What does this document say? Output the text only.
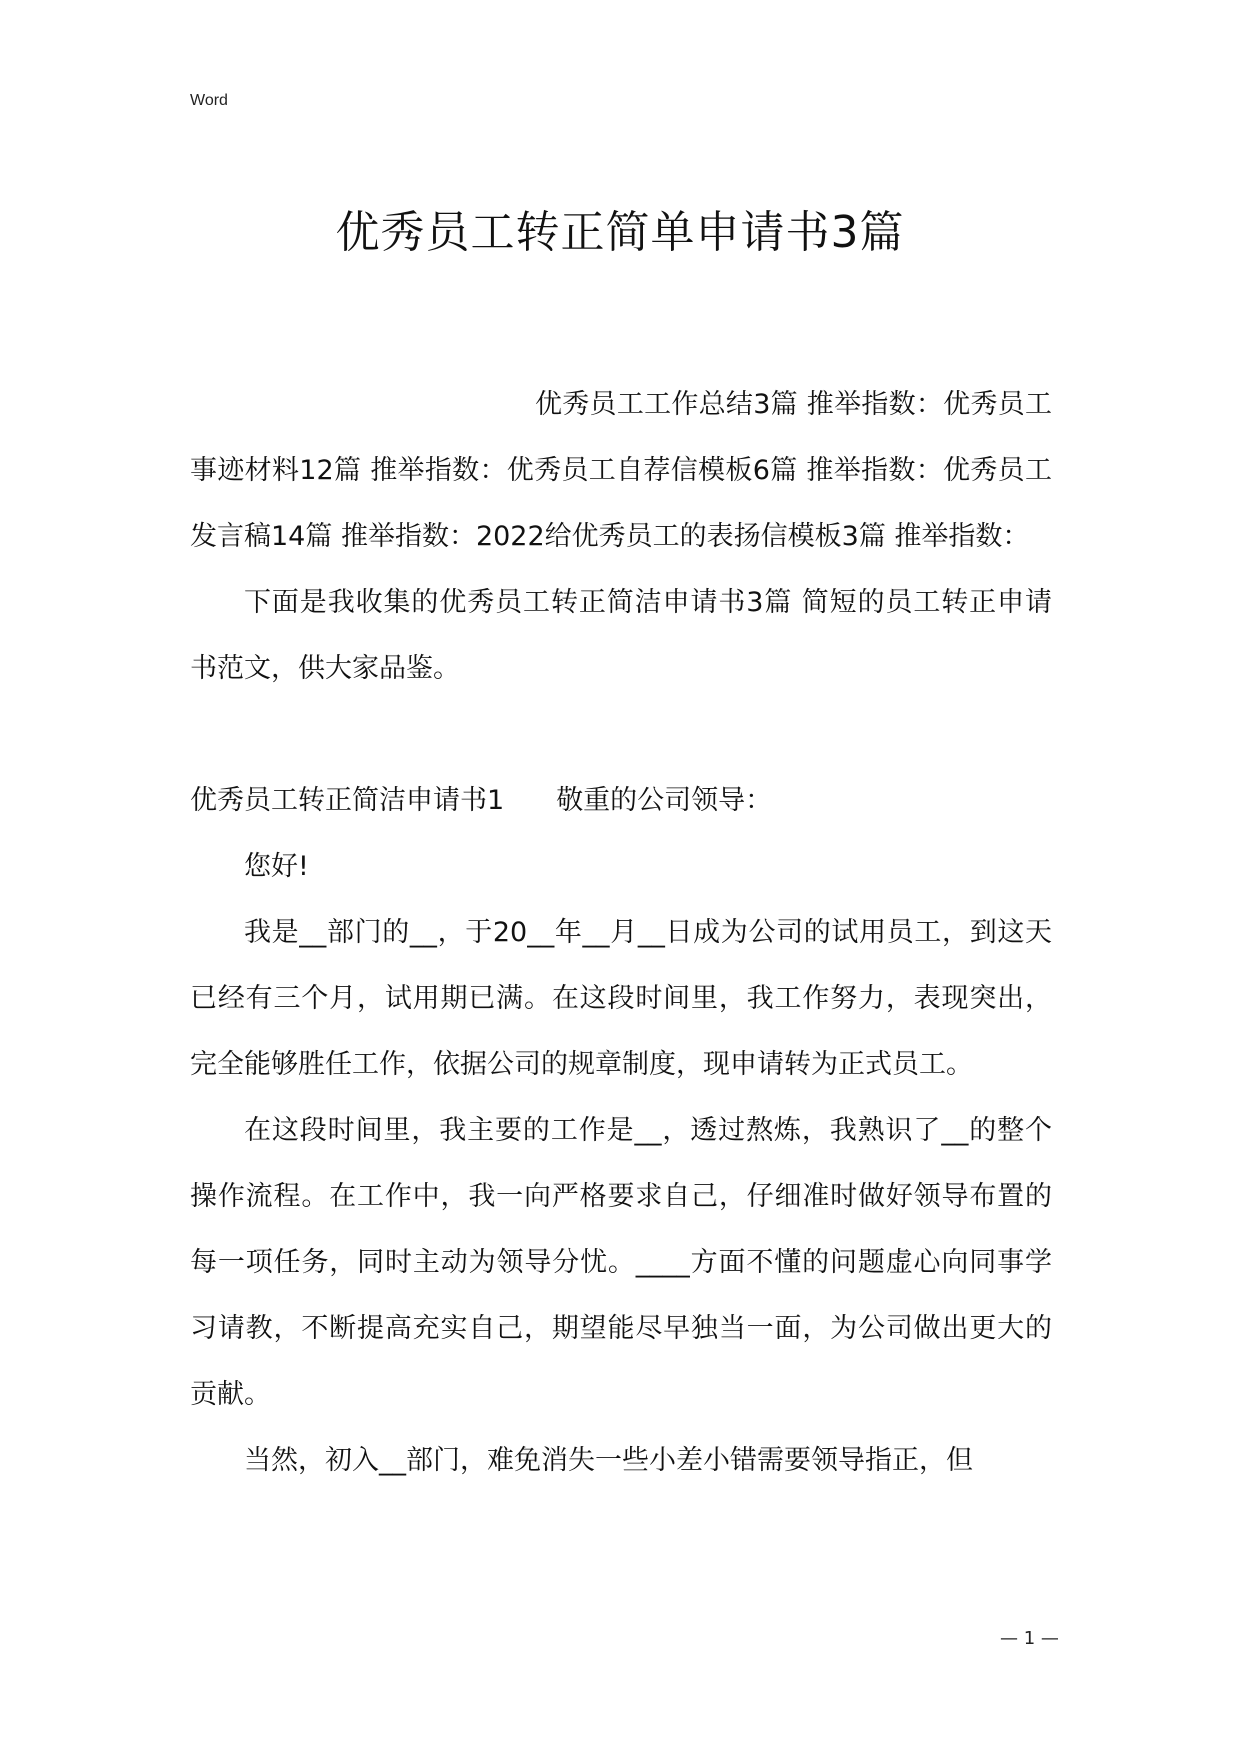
Word
优秀员工转正简单申请书3篇

优秀员工工作总结3篇 推举指数：优秀员工事迹材料12篇 推举指数：优秀员工自荐信模板6篇 推举指数：优秀员工发言稿14篇 推举指数：2022给优秀员工的表扬信模板3篇 推举指数：

下面是我收集的优秀员工转正简洁申请书3篇 简短的员工转正申请书范文，供大家品鉴。

优秀员工转正简洁申请书1 敬重的公司领导：

您好!

我是__部门的__，于20__年__月__日成为公司的试用员工，到这天已经有三个月，试用期已满。在这段时间里，我工作努力，表现突出，完全能够胜任工作，依据公司的规章制度，现申请转为正式员工。

在这段时间里，我主要的工作是__，透过熬炼，我熟识了__的整个操作流程。在工作中，我一向严格要求自己，仔细准时做好领导布置的每一项任务，同时主动为领导分忧。____方面不懂的问题虚心向同事学习请教，不断提高充实自己，期望能尽早独当一面，为公司做出更大的贡献。

当然，初入__部门，难免消失一些小差小错需要领导指正，但

— 1 —
